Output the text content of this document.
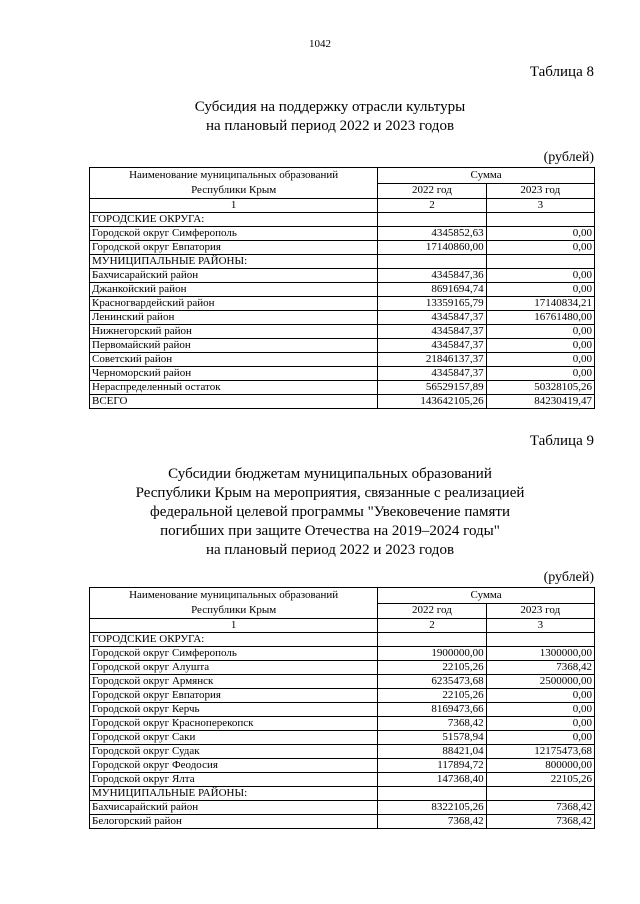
1042
Таблица 8
Субсидия на поддержку отрасли культуры
на плановый период 2022 и 2023 годов
(рублей)
Наименование муниципальных образований
Республики Крым	Сумма	
	2022 год	2023 год
1	2	3
ГОРОДСКИЕ ОКРУГА:		
Городской округ Симферополь	4345852,63	0,00
Городской округ Евпатория	17140860,00	0,00
МУНИЦИПАЛЬНЫЕ РАЙОНЫ:		
Бахчисарайский район	4345847,36	0,00
Джанкойский район	8691694,74	0,00
Красногвардейский район	13359165,79	17140834,21
Ленинский район	4345847,37	16761480,00
Нижнегорский район	4345847,37	0,00
Первомайский район	4345847,37	0,00
Советский район	21846137,37	0,00
Черноморский район	4345847,37	0,00
Нераспределенный остаток	56529157,89	50328105,26
ВСЕГО	143642105,26	84230419,47
Таблица 9
Субсидии бюджетам муниципальных образований
Республики Крым на мероприятия, связанные с реализацией
федеральной целевой программы "Увековечение памяти
погибших при защите Отечества на 2019–2024 годы"
на плановый период 2022 и 2023 годов
(рублей)
Наименование муниципальных образований
Республики Крым	Сумма	
	2022 год	2023 год
1	2	3
ГОРОДСКИЕ ОКРУГА:		
Городской округ Симферополь	1900000,00	1300000,00
Городской округ Алушта	22105,26	7368,42
Городской округ Армянск	6235473,68	2500000,00
Городской округ Евпатория	22105,26	0,00
Городской округ Керчь	8169473,66	0,00
Городской округ Красноперекопск	7368,42	0,00
Городской округ Саки	51578,94	0,00
Городской округ Судак	88421,04	12175473,68
Городской округ Феодосия	117894,72	800000,00
Городской округ Ялта	147368,40	22105,26
МУНИЦИПАЛЬНЫЕ РАЙОНЫ:		
Бахчисарайский район	8322105,26	7368,42
Белогорский район	7368,42	7368,42
